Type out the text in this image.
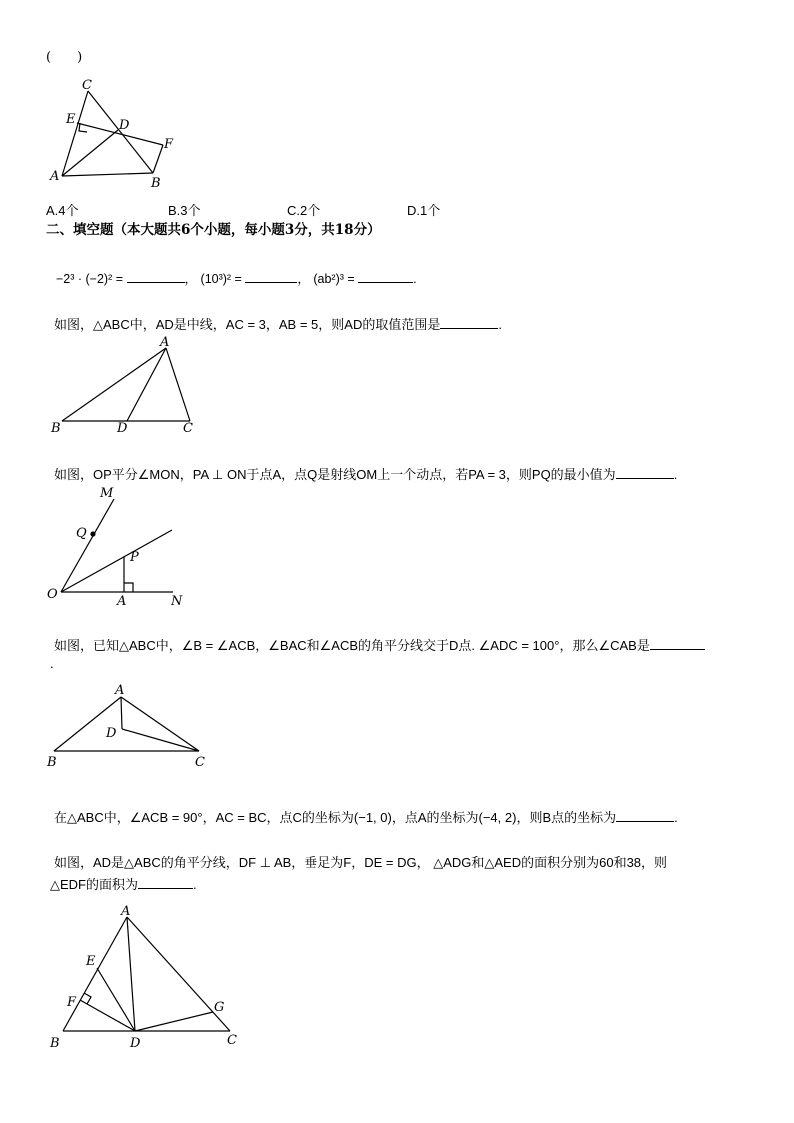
(　　)
C
E	D
F
A	B
A.4个	B.3个	C.2个	D.1个
二、填空题（本大题共6个小题，每小题3分，共18分）
−2³ · (−2)² =	， (10³)² =	， (ab²)³ =	.
如图，△ABC中，AD是中线，AC = 3，AB = 5，则AD的取值范围是	.
A
B	D	C
如图，OP平分∠MON，PA ⊥ ON于点A，点Q是射线OM上一个动点，若PA = 3，则PQ的最小值为	.
M
Q
P
O	A	N
如图，已知△ABC中，∠B = ∠ACB，∠BAC和∠ACB的角平分线交于D点. ∠ADC = 100°，那么∠CAB是
.
A
D
B	C
在△ABC中，∠ACB = 90°，AC = BC，点C的坐标为(−1, 0)，点A的坐标为(−4, 2)，则B点的坐标为	.
如图，AD是△ABC的角平分线，DF ⊥ AB，垂足为F，DE = DG， △ADG和△AED的面积分别为60和38，则
△EDF的面积为	.
A
E
F	G
B	D	C
